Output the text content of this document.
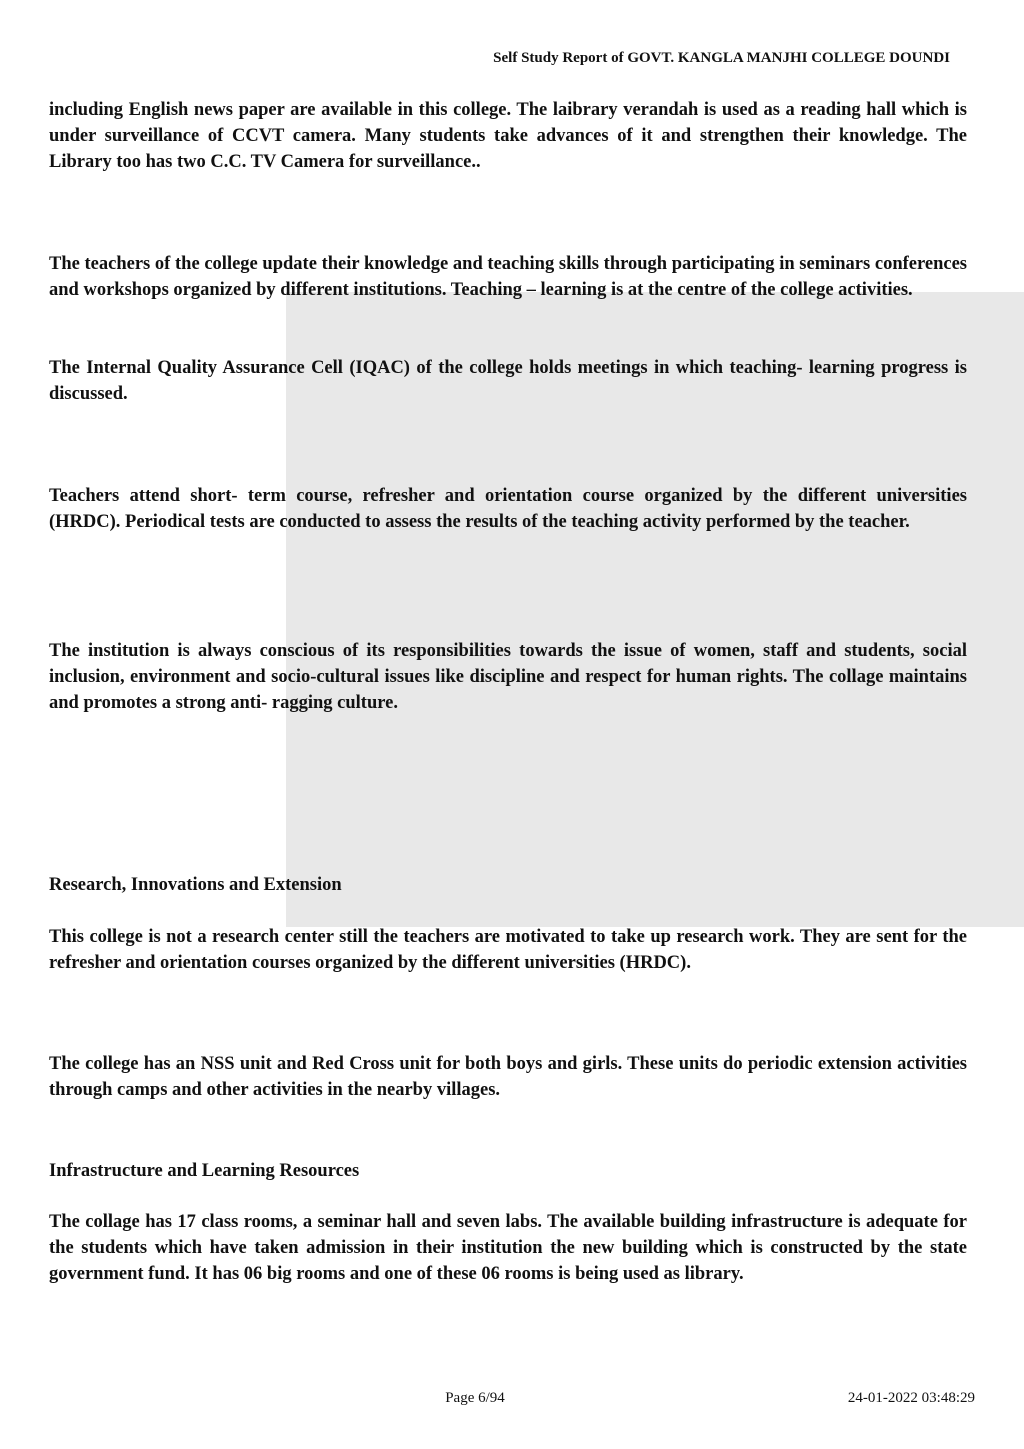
Self Study Report of GOVT. KANGLA MANJHI COLLEGE DOUNDI

including English news paper are available in this college. The laibrary verandah is used as a reading hall which is under surveillance of CCVT camera. Many students take advances of it and strengthen their knowledge. The Library too has two C.C. TV Camera for surveillance..

The teachers of the college update their knowledge and teaching skills through participating in seminars conferences and workshops organized by different institutions. Teaching – learning is at the centre of the college activities.

The Internal Quality Assurance Cell (IQAC) of the college holds meetings in which teaching- learning progress is discussed.

Teachers attend short- term course, refresher and orientation course organized by the different universities (HRDC). Periodical tests are conducted to assess the results of the teaching activity performed by the teacher.

The institution is always conscious of its responsibilities towards the issue of women, staff and students, social inclusion, environment and socio-cultural issues like discipline and respect for human rights. The collage maintains and promotes a strong anti- ragging culture.

Research, Innovations and Extension

This college is not a research center still the teachers are motivated to take up research work. They are sent for the refresher and orientation courses organized by the different universities (HRDC).

The college has an NSS unit and Red Cross unit for both boys and girls. These units do periodic extension activities through camps and other activities in the nearby villages.

Infrastructure and Learning Resources

The collage has 17 class rooms, a seminar hall and seven labs. The available building infrastructure is adequate for the students which have taken admission in their institution the new building which is constructed by the state government fund. It has 06 big rooms and one of these 06 rooms is being used as library.

Page 6/94	24-01-2022 03:48:29
